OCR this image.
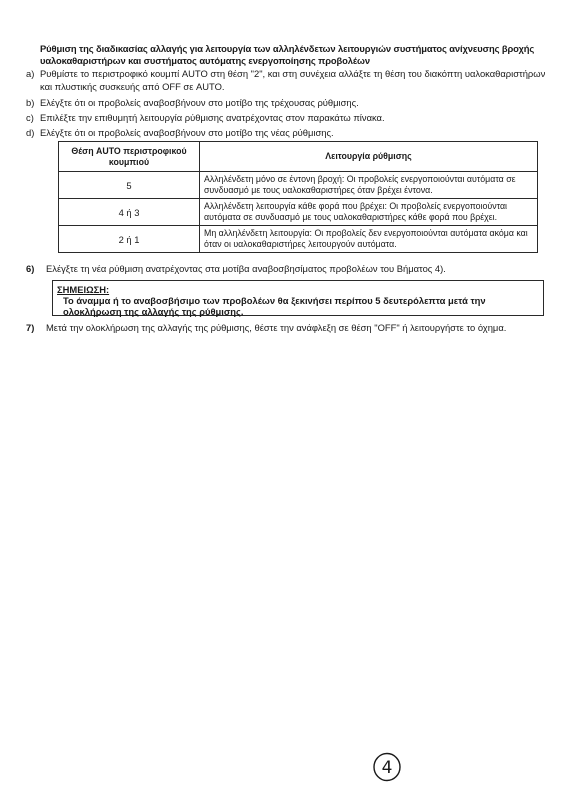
Ρύθμιση της διαδικασίας αλλαγής για λειτουργία των αλληλένδετων λειτουργιών συστήματος ανίχνευσης βροχής υαλοκαθαριστήρων και συστήματος αυτόματης ενεργοποίησης προβολέων
a) Ρυθμίστε το περιστροφικό κουμπί AUTO στη θέση "2", και στη συνέχεια αλλάξτε τη θέση του διακόπτη υαλοκαθαριστήρων και πλυστικής συσκευής από OFF σε AUTO.
b) Ελέγξτε ότι οι προβολείς αναβοσβήνουν στο μοτίβο της τρέχουσας ρύθμισης.
c) Επιλέξτε την επιθυμητή λειτουργία ρύθμισης ανατρέχοντας στον παρακάτω πίνακα.
d) Ελέγξτε ότι οι προβολείς αναβοσβήνουν στο μοτίβο της νέας ρύθμισης.
Θέση AUTO περιστροφικού κουμπιού	Λειτουργία ρύθμισης
5	Αλληλένδετη μόνο σε έντονη βροχή: Οι προβολείς ενεργοποιούνται αυτόματα σε συνδυασμό με τους υαλοκαθαριστήρες όταν βρέχει έντονα.
4 ή 3	Αλληλένδετη λειτουργία κάθε φορά που βρέχει: Οι προβολείς ενεργοποιούνται αυτόματα σε συνδυασμό με τους υαλοκαθαριστήρες κάθε φορά που βρέχει.
2 ή 1	Μη αλληλένδετη λειτουργία: Οι προβολείς δεν ενεργοποιούνται αυτόματα ακόμα και όταν οι υαλοκαθαριστήρες λειτουργούν αυτόματα.
6)	Ελέγξτε τη νέα ρύθμιση ανατρέχοντας στα μοτίβα αναβοσβησίματος προβολέων του Βήματος 4).
ΣΗΜΕΙΩΣΗ:
Το άναμμα ή το αναβοσβήσιμο των προβολέων θα ξεκινήσει περίπου 5 δευτερόλεπτα μετά την ολοκλήρωση της αλλαγής της ρύθμισης.
7)	Μετά την ολοκλήρωση της αλλαγής της ρύθμισης, θέστε την ανάφλεξη σε θέση "OFF" ή λειτουργήστε το όχημα.
4
